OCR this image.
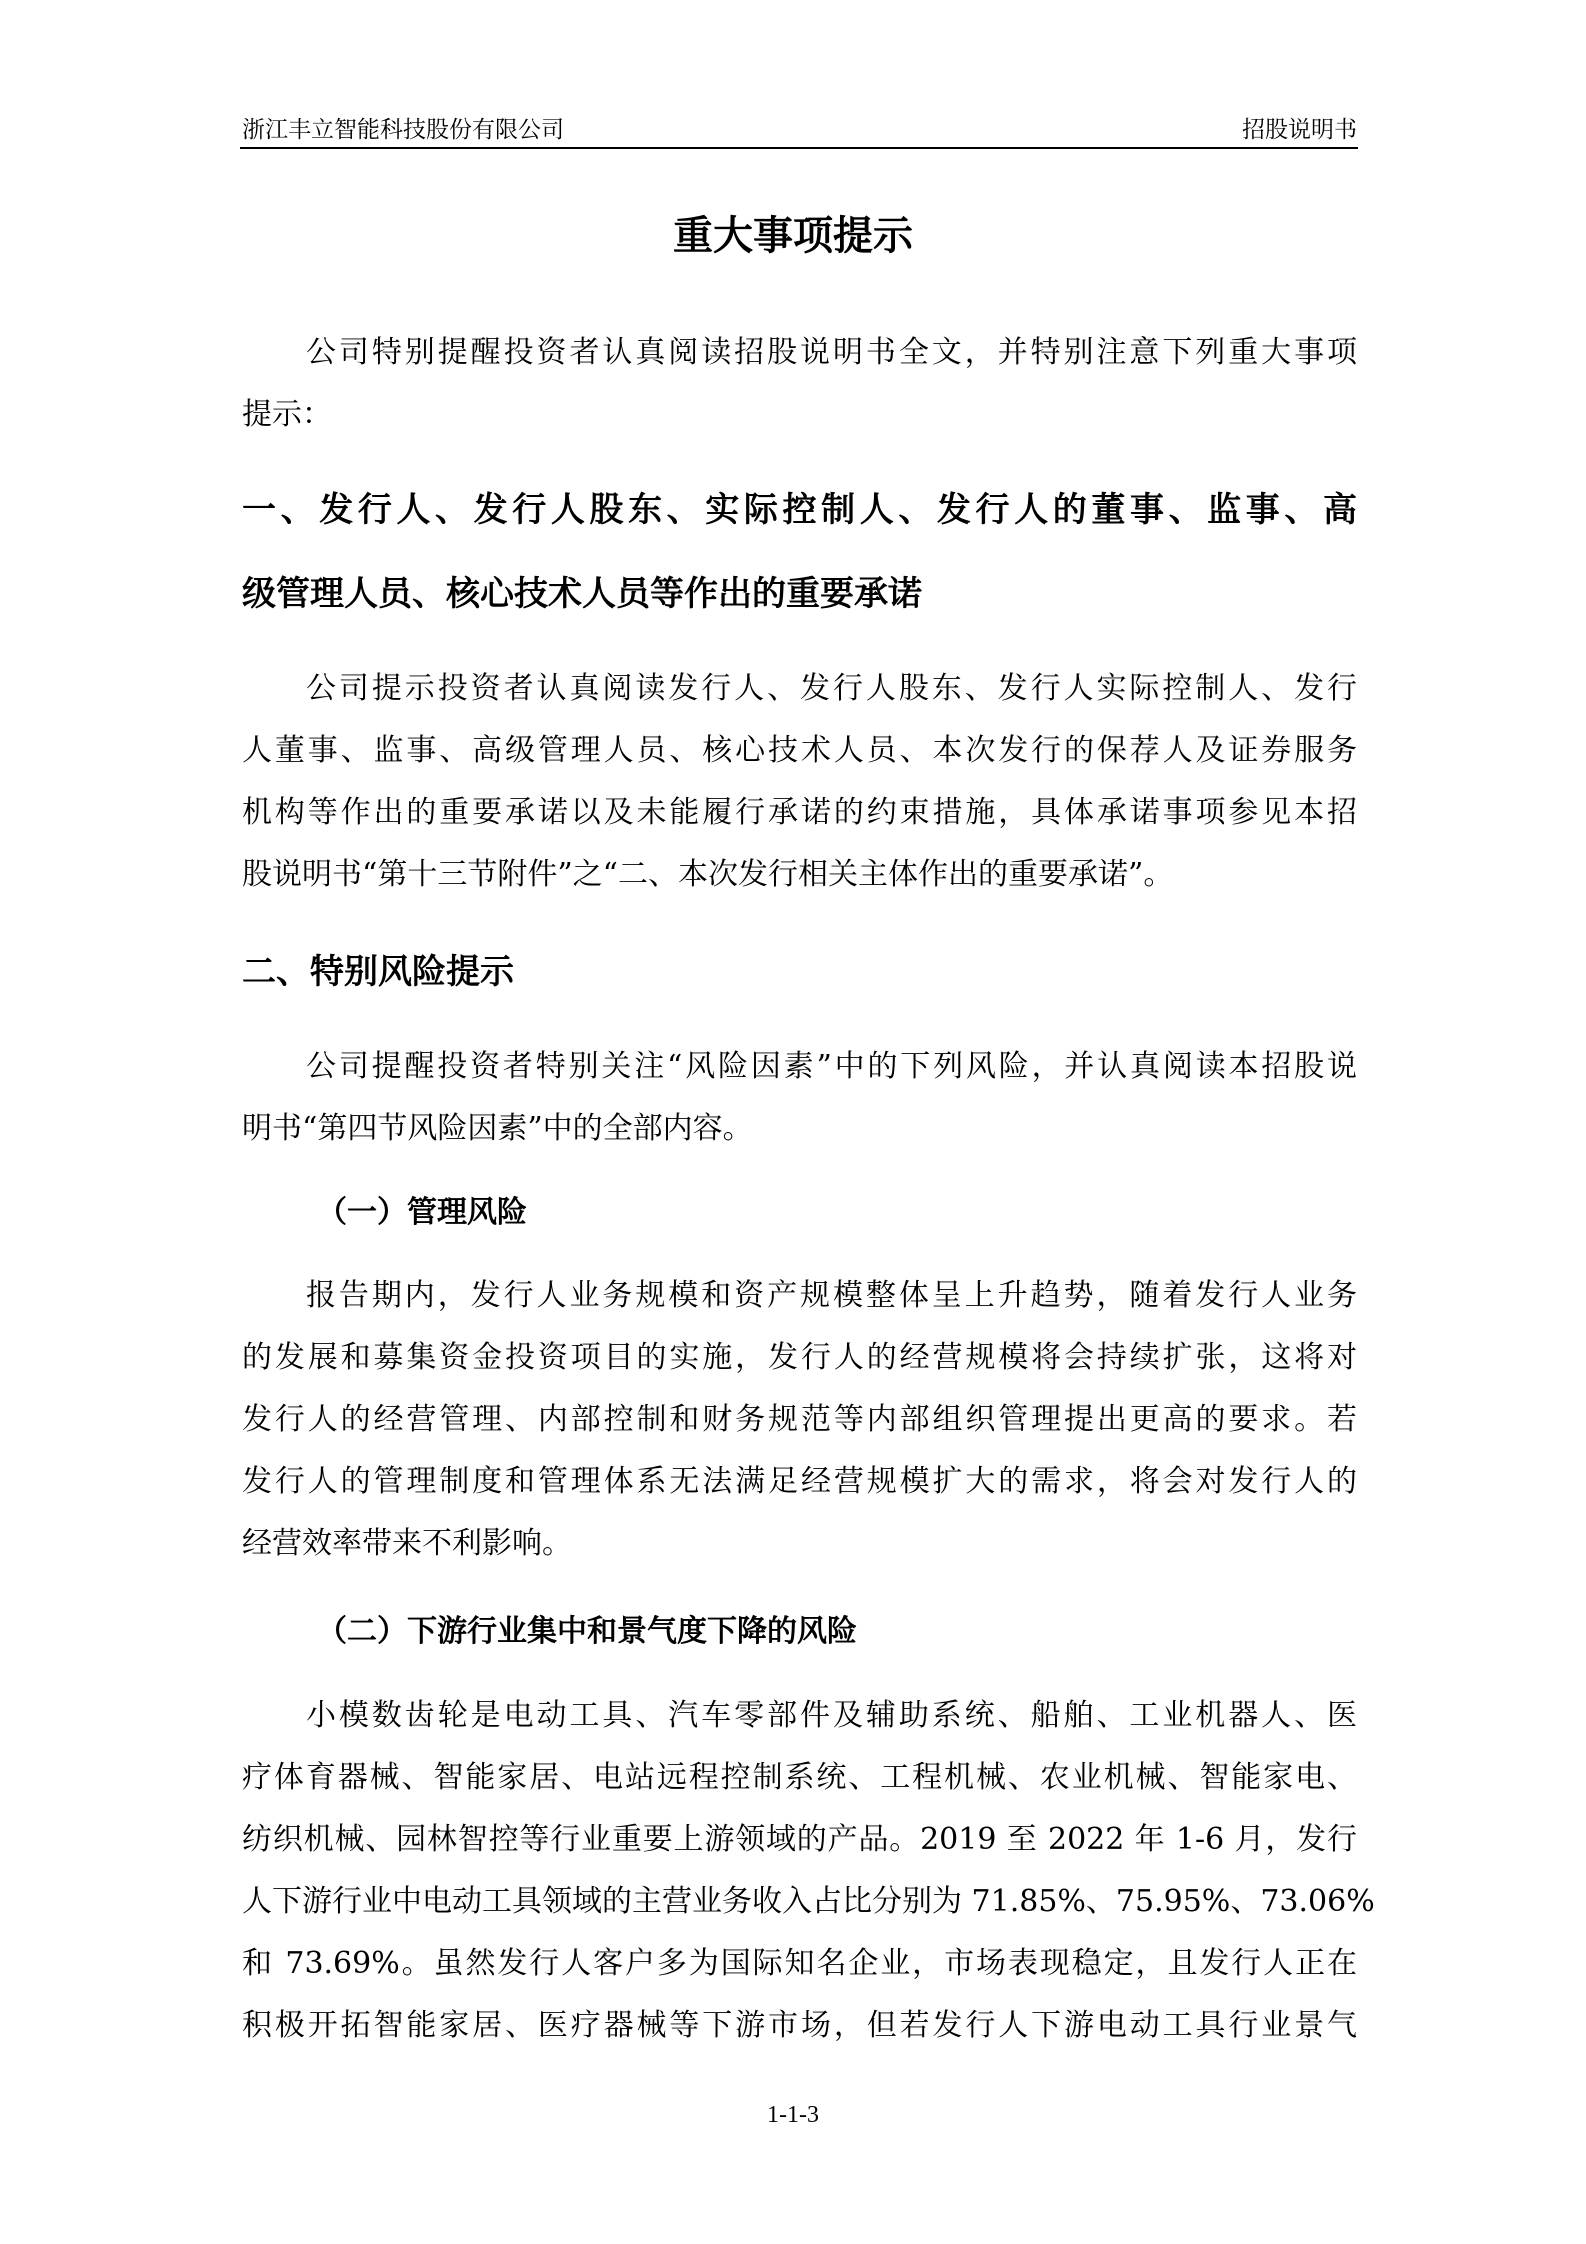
浙江丰立智能科技股份有限公司	招股说明书
重大事项提示
公司特别提醒投资者认真阅读招股说明书全文，并特别注意下列重大事项
提示：
一、发行人、发行人股东、实际控制人、发行人的董事、监事、高
级管理人员、核心技术人员等作出的重要承诺
公司提示投资者认真阅读发行人、发行人股东、发行人实际控制人、发行
人董事、监事、高级管理人员、核心技术人员、本次发行的保荐人及证券服务
机构等作出的重要承诺以及未能履行承诺的约束措施，具体承诺事项参见本招
股说明书“第十三节附件”之“二、本次发行相关主体作出的重要承诺”。
二、特别风险提示
公司提醒投资者特别关注“风险因素”中的下列风险，并认真阅读本招股说
明书“第四节风险因素”中的全部内容。
（一）管理风险
报告期内，发行人业务规模和资产规模整体呈上升趋势，随着发行人业务
的发展和募集资金投资项目的实施，发行人的经营规模将会持续扩张，这将对
发行人的经营管理、内部控制和财务规范等内部组织管理提出更高的要求。若
发行人的管理制度和管理体系无法满足经营规模扩大的需求，将会对发行人的
经营效率带来不利影响。
（二）下游行业集中和景气度下降的风险
小模数齿轮是电动工具、汽车零部件及辅助系统、船舶、工业机器人、医
疗体育器械、智能家居、电站远程控制系统、工程机械、农业机械、智能家电、
纺织机械、园林智控等行业重要上游领域的产品。2019 至 2022 年 1-6 月，发行
人下游行业中电动工具领域的主营业务收入占比分别为 71.85%、75.95%、73.06%
和 73.69%。虽然发行人客户多为国际知名企业，市场表现稳定，且发行人正在
积极开拓智能家居、医疗器械等下游市场，但若发行人下游电动工具行业景气
1-1-3
